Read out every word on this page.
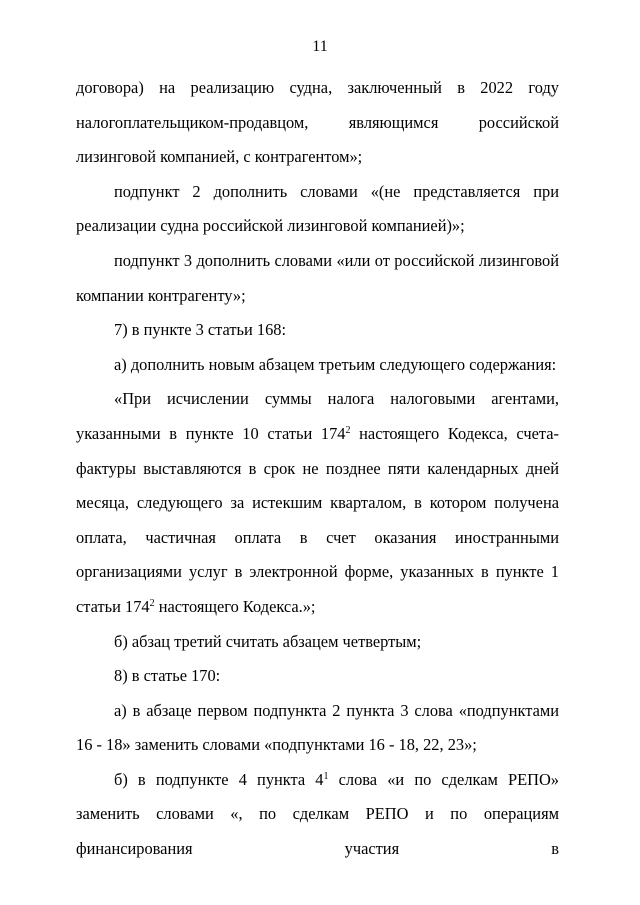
11

договора) на реализацию судна, заключенный в 2022 году налогоплательщиком-продавцом, являющимся российской лизинговой компанией, с контрагентом»;

подпункт 2 дополнить словами «(не представляется при реализации судна российской лизинговой компанией)»;

подпункт 3 дополнить словами «или от российской лизинговой компании контрагенту»;

7) в пункте 3 статьи 168:

а) дополнить новым абзацем третьим следующего содержания:

«При исчислении суммы налога налоговыми агентами, указанными в пункте 10 статьи $174^2$ настоящего Кодекса, счета-фактуры выставляются в срок не позднее пяти календарных дней месяца, следующего за истекшим кварталом, в котором получена оплата, частичная оплата в счет оказания иностранными организациями услуг в электронной форме, указанных в пункте 1 статьи $174^2$ настоящего Кодекса.»;

б) абзац третий считать абзацем четвертым;

8) в статье 170:

а) в абзаце первом подпункта 2 пункта 3 слова «подпунктами 16 - 18» заменить словами «подпунктами 16 - 18, 22, 23»;

б) в подпункте 4 пункта $4^1$ слова «и по сделкам РЕПО» заменить словами «, по сделкам РЕПО и по операциям финансирования участия в
